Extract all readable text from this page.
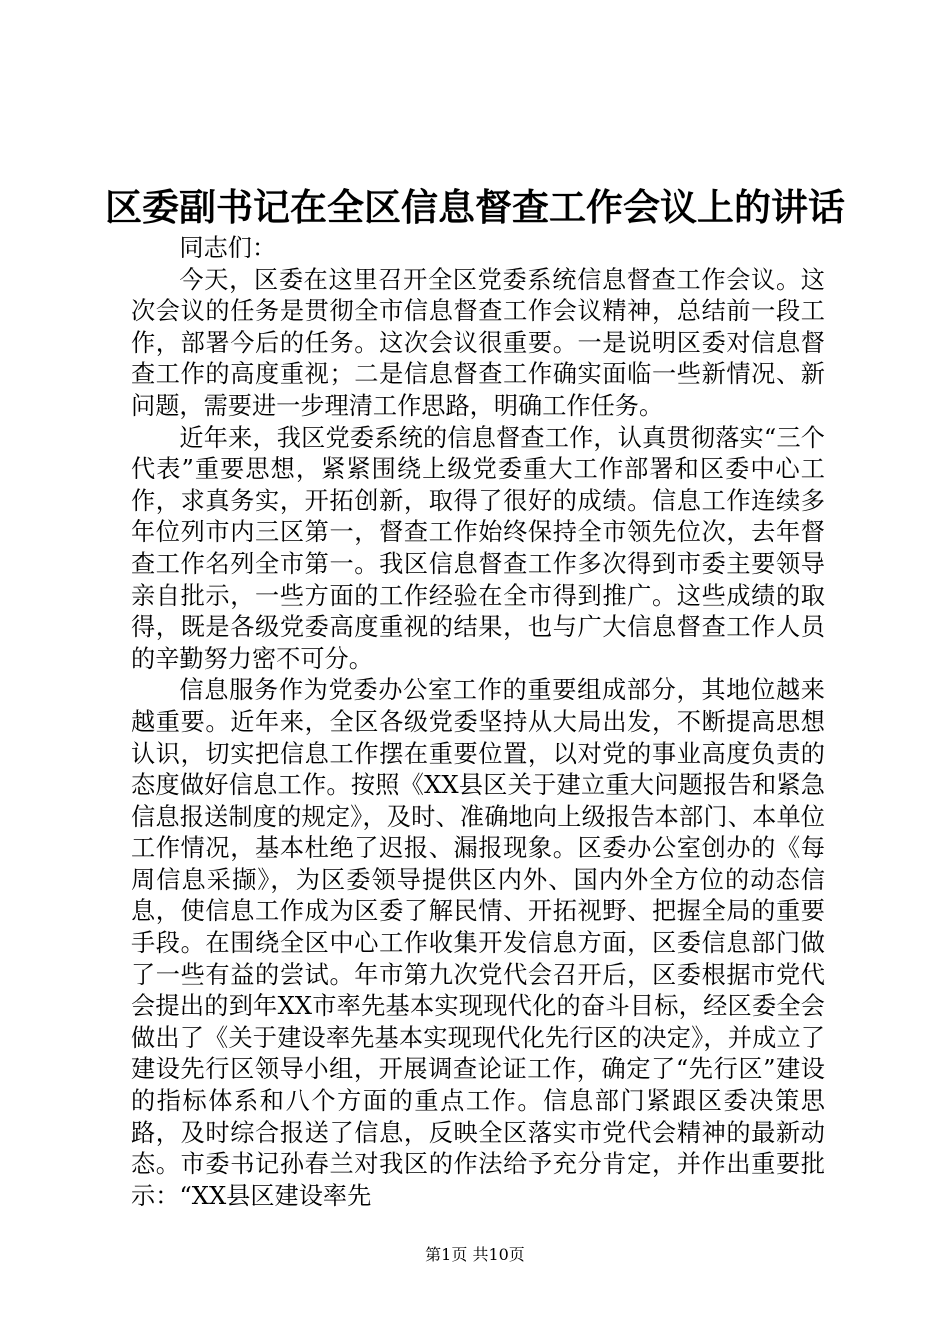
区委副书记在全区信息督查工作会议上的讲话

同志们：

今天，区委在这里召开全区党委系统信息督查工作会议。这次会议的任务是贯彻全市信息督查工作会议精神，总结前一段工作，部署今后的任务。这次会议很重要。一是说明区委对信息督查工作的高度重视；二是信息督查工作确实面临一些新情况、新问题，需要进一步理清工作思路，明确工作任务。

近年来，我区党委系统的信息督查工作，认真贯彻落实“三个代表”重要思想，紧紧围绕上级党委重大工作部署和区委中心工作，求真务实，开拓创新，取得了很好的成绩。信息工作连续多年位列市内三区第一，督查工作始终保持全市领先位次，去年督查工作名列全市第一。我区信息督查工作多次得到市委主要领导亲自批示，一些方面的工作经验在全市得到推广。这些成绩的取得，既是各级党委高度重视的结果，也与广大信息督查工作人员的辛勤努力密不可分。

信息服务作为党委办公室工作的重要组成部分，其地位越来越重要。近年来，全区各级党委坚持从大局出发，不断提高思想认识，切实把信息工作摆在重要位置，以对党的事业高度负责的态度做好信息工作。按照《XX县区关于建立重大问题报告和紧急信息报送制度的规定》，及时、准确地向上级报告本部门、本单位工作情况，基本杜绝了迟报、漏报现象。区委办公室创办的《每周信息采撷》，为区委领导提供区内外、国内外全方位的动态信息，使信息工作成为区委了解民情、开拓视野、把握全局的重要手段。在围绕全区中心工作收集开发信息方面，区委信息部门做了一些有益的尝试。年市第九次党代会召开后，区委根据市党代会提出的到年XX市率先基本实现现代化的奋斗目标，经区委全会做出了《关于建设率先基本实现现代化先行区的决定》，并成立了建设先行区领导小组，开展调查论证工作，确定了“先行区”建设的指标体系和八个方面的重点工作。信息部门紧跟区委决策思路，及时综合报送了信息，反映全区落实市党代会精神的最新动态。市委书记孙春兰对我区的作法给予充分肯定，并作出重要批示：“XX县区建设率先

第1页 共10页
